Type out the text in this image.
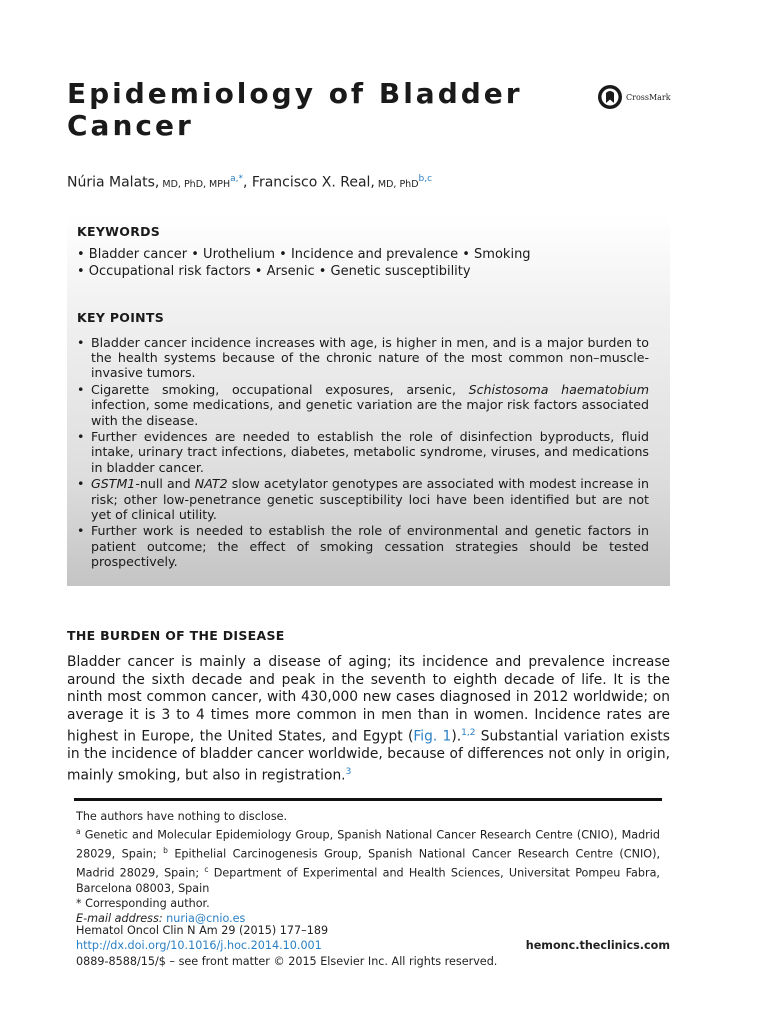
Epidemiology of Bladder Cancer
CrossMark
Núria Malats, MD, PhD, $MPH^{a,*}$, Francisco X. Real, MD, PhD$^{b,c}$
KEYWORDS
• Bladder cancer • Urothelium • Incidence and prevalence • Smoking
• Occupational risk factors • Arsenic • Genetic susceptibility
KEY POINTS
• Bladder cancer incidence increases with age, is higher in men, and is a major burden to the health systems because of the chronic nature of the most common non–muscle-invasive tumors.
• Cigarette smoking, occupational exposures, arsenic, Schistosoma haematobium infection, some medications, and genetic variation are the major risk factors associated with the disease.
• Further evidences are needed to establish the role of disinfection byproducts, fluid intake, urinary tract infections, diabetes, metabolic syndrome, viruses, and medications in bladder cancer.
• GSTM1-null and NAT2 slow acetylator genotypes are associated with modest increase in risk; other low-penetrance genetic susceptibility loci have been identified but are not yet of clinical utility.
• Further work is needed to establish the role of environmental and genetic factors in patient outcome; the effect of smoking cessation strategies should be tested prospectively.
THE BURDEN OF THE DISEASE
Bladder cancer is mainly a disease of aging; its incidence and prevalence increase around the sixth decade and peak in the seventh to eighth decade of life. It is the ninth most common cancer, with 430,000 new cases diagnosed in 2012 worldwide; on average it is 3 to 4 times more common in men than in women. Incidence rates are highest in Europe, the United States, and Egypt (Fig. 1).$^{1,2}$ Substantial variation exists in the incidence of bladder cancer worldwide, because of differences not only in origin, mainly smoking, but also in registration.$^3$

The authors have nothing to disclose.

$^a$ Genetic and Molecular Epidemiology Group, Spanish National Cancer Research Centre (CNIO), Madrid 28029, Spain; $^b$ Epithelial Carcinogenesis Group, Spanish National Cancer Research Centre (CNIO), Madrid 28029, Spain; $^c$ Department of Experimental and Health Sciences, Universitat Pompeu Fabra, Barcelona 08003, Spain

* Corresponding author.

E-mail address: nuria@cnio.es

Hematol Oncol Clin N Am 29 (2015) 177–189
http://dx.doi.org/10.1016/j.hoc.2014.10.001	hemonc.theclinics.com
0889-8588/15/$ – see front matter © 2015 Elsevier Inc. All rights reserved.
